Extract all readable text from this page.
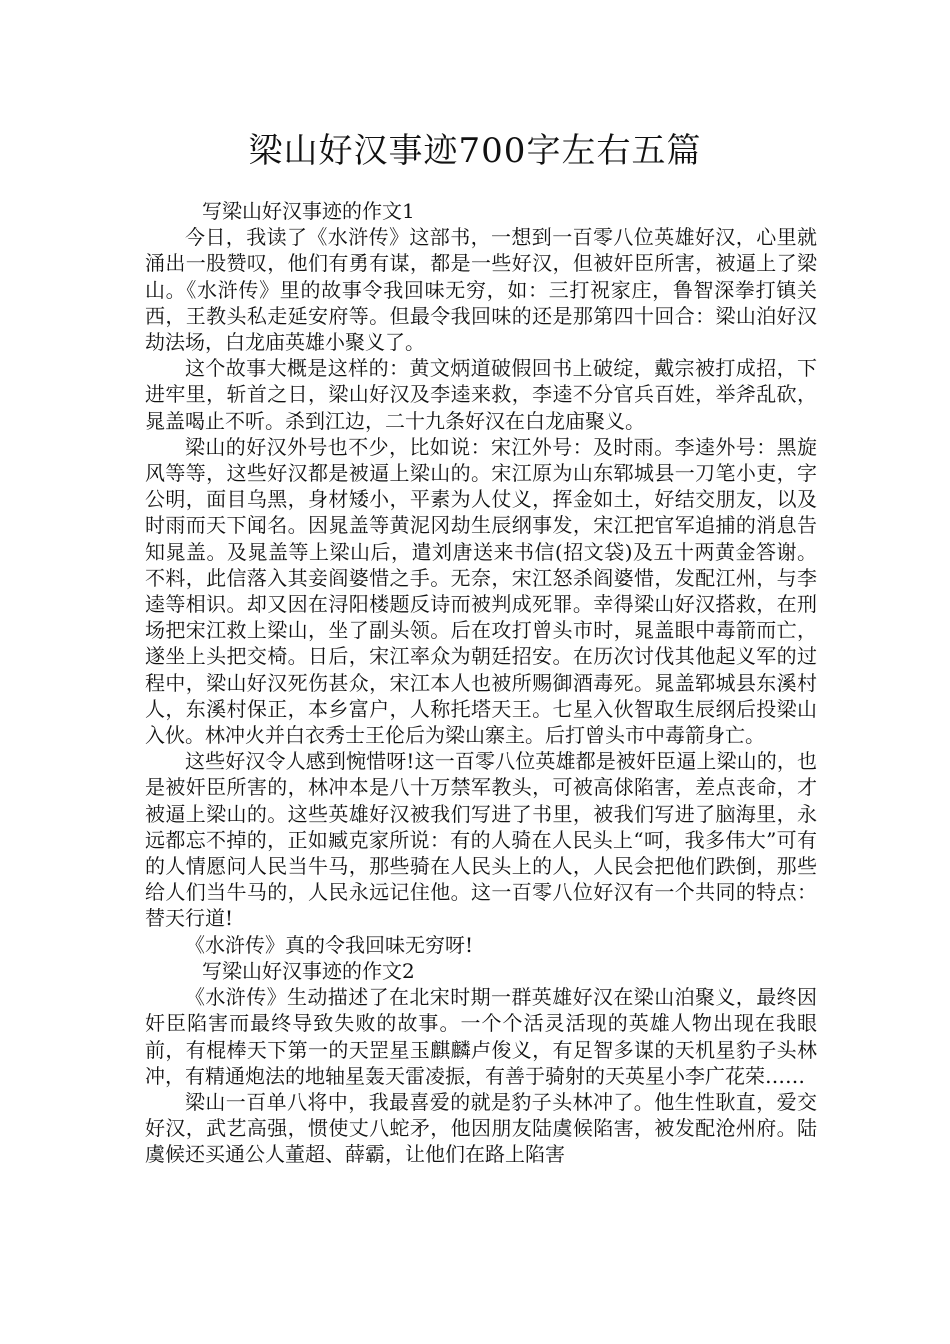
梁山好汉事迹700字左右五篇

写梁山好汉事迹的作文1

今日，我读了《水浒传》这部书，一想到一百零八位英雄好汉，心里就涌出一股赞叹，他们有勇有谋，都是一些好汉，但被奸臣所害，被逼上了梁山。《水浒传》里的故事令我回味无穷，如：三打祝家庄，鲁智深拳打镇关西，王教头私走延安府等。但最令我回味的还是那第四十回合：梁山泊好汉劫法场，白龙庙英雄小聚义了。

这个故事大概是这样的：黄文炳道破假回书上破绽，戴宗被打成招，下进牢里，斩首之日，梁山好汉及李逵来救，李逵不分官兵百姓，举斧乱砍，晁盖喝止不听。杀到江边，二十九条好汉在白龙庙聚义。

梁山的好汉外号也不少，比如说：宋江外号：及时雨。李逵外号：黑旋风等等，这些好汉都是被逼上梁山的。宋江原为山东郓城县一刀笔小吏，字公明，面目乌黑，身材矮小，平素为人仗义，挥金如土，好结交朋友，以及时雨而天下闻名。因晁盖等黄泥冈劫生辰纲事发，宋江把官军追捕的消息告知晁盖。及晁盖等上梁山后，遣刘唐送来书信(招文袋)及五十两黄金答谢。不料，此信落入其妾阎婆惜之手。无奈，宋江怒杀阎婆惜，发配江州，与李逵等相识。却又因在浔阳楼题反诗而被判成死罪。幸得梁山好汉搭救，在刑场把宋江救上梁山，坐了副头领。后在攻打曾头市时，晁盖眼中毒箭而亡，遂坐上头把交椅。日后，宋江率众为朝廷招安。在历次讨伐其他起义军的过程中，梁山好汉死伤甚众，宋江本人也被所赐御酒毒死。晁盖郓城县东溪村人，东溪村保正，本乡富户，人称托塔天王。七星入伙智取生辰纲后投梁山入伙。林冲火并白衣秀士王伦后为梁山寨主。后打曾头市中毒箭身亡。

这些好汉令人感到惋惜呀!这一百零八位英雄都是被奸臣逼上梁山的，也是被奸臣所害的，林冲本是八十万禁军教头，可被高俅陷害，差点丧命，才被逼上梁山的。这些英雄好汉被我们写进了书里，被我们写进了脑海里，永远都忘不掉的，正如臧克家所说：有的人骑在人民头上“呵，我多伟大”可有的人情愿问人民当牛马，那些骑在人民头上的人，人民会把他们跌倒，那些给人们当牛马的，人民永远记住他。这一百零八位好汉有一个共同的特点：替天行道!

《水浒传》真的令我回味无穷呀!

写梁山好汉事迹的作文2

《水浒传》生动描述了在北宋时期一群英雄好汉在梁山泊聚义，最终因奸臣陷害而最终导致失败的故事。一个个活灵活现的英雄人物出现在我眼前，有棍棒天下第一的天罡星玉麒麟卢俊义，有足智多谋的天机星豹子头林冲，有精通炮法的地轴星轰天雷凌振，有善于骑射的天英星小李广花荣……

梁山一百单八将中，我最喜爱的就是豹子头林冲了。他生性耿直，爱交好汉，武艺高强，惯使丈八蛇矛，他因朋友陆虞候陷害，被发配沧州府。陆虞候还买通公人董超、薛霸，让他们在路上陷害
